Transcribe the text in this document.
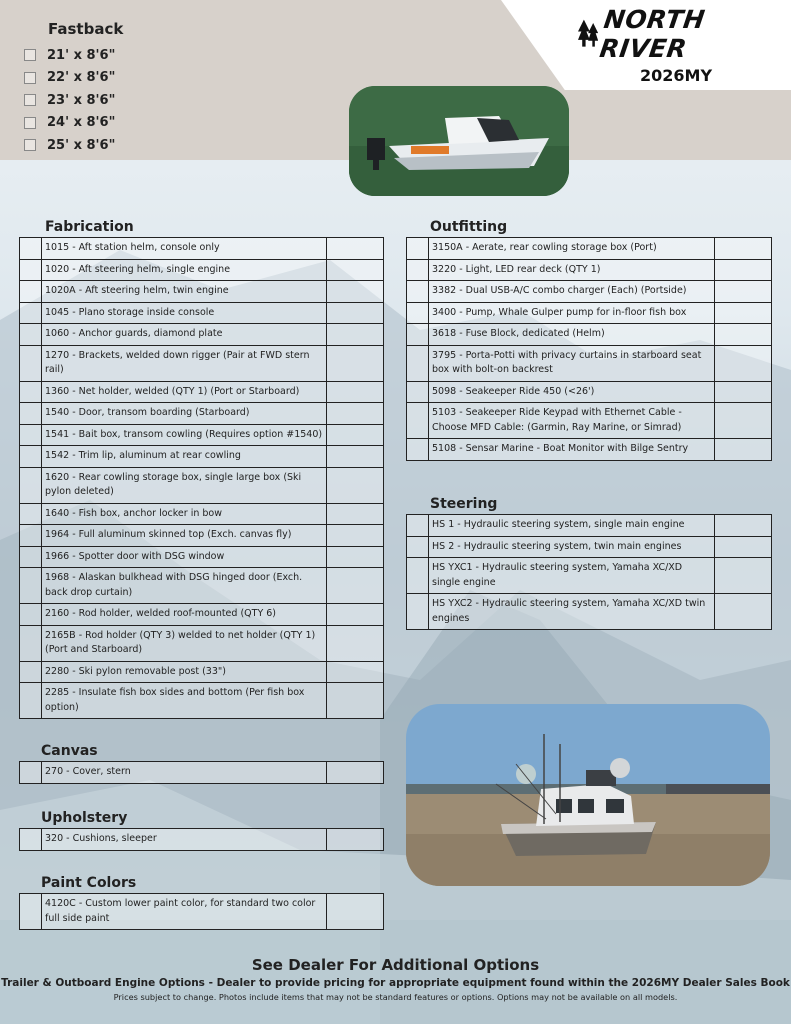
NORTH RIVER
2026MY
Fastback
21' x 8'6"
22' x 8'6"
23' x 8'6"
24' x 8'6"
25' x 8'6"
Fabrication
	1015 - Aft station helm, console only	
	1020 - Aft steering helm, single engine	
	1020A - Aft steering helm, twin engine	
	1045 - Plano storage inside console	
	1060 - Anchor guards, diamond plate	
	1270 - Brackets, welded down rigger (Pair at FWD stern rail)	
	1360 - Net holder, welded (QTY 1) (Port or Starboard)	
	1540 - Door, transom boarding (Starboard)	
	1541 - Bait box, transom cowling (Requires option #1540)	
	1542 - Trim lip, aluminum at rear cowling	
	1620 - Rear cowling storage box, single large box (Ski pylon deleted)	
	1640 - Fish box, anchor locker in bow	
	1964 - Full aluminum skinned top (Exch. canvas fly)	
	1966 - Spotter door with DSG window	
	1968 - Alaskan bulkhead with DSG hinged door (Exch. back drop curtain)	
	2160 - Rod holder, welded roof-mounted (QTY 6)	
	2165B - Rod holder (QTY 3) welded to net holder (QTY 1) (Port and Starboard)	
	2280 - Ski pylon removable post (33")	
	2285 - Insulate fish box sides and bottom (Per fish box option)	
Outfitting
	3150A - Aerate, rear cowling storage box (Port)	
	3220 - Light, LED rear deck (QTY 1)	
	3382 - Dual USB-A/C combo charger (Each) (Portside)	
	3400 - Pump, Whale Gulper pump for in-floor fish box	
	3618 - Fuse Block, dedicated (Helm)	
	3795 - Porta-Potti with privacy curtains in starboard seat box with bolt-on backrest	
	5098 - Seakeeper Ride 450 (<26')	
	5103 - Seakeeper Ride Keypad with Ethernet Cable - Choose MFD Cable: (Garmin, Ray Marine, or Simrad)	
	5108 - Sensar Marine - Boat Monitor with Bilge Sentry	
Steering
	HS 1 - Hydraulic steering system, single main engine	
	HS 2 - Hydraulic steering system, twin main engines	
	HS YXC1 - Hydraulic steering system, Yamaha XC/XD single engine	
	HS YXC2 - Hydraulic steering system, Yamaha XC/XD twin engines	
Canvas
	270 - Cover, stern	
Upholstery
	320 - Cushions, sleeper	
Paint Colors
	4120C - Custom lower paint color, for standard two color full side paint	
See Dealer For Additional Options
Trailer & Outboard Engine Options - Dealer to provide pricing for appropriate equipment found within the 2026MY Dealer Sales Book
Prices subject to change. Photos include items that may not be standard features or options. Options may not be available on all models.
